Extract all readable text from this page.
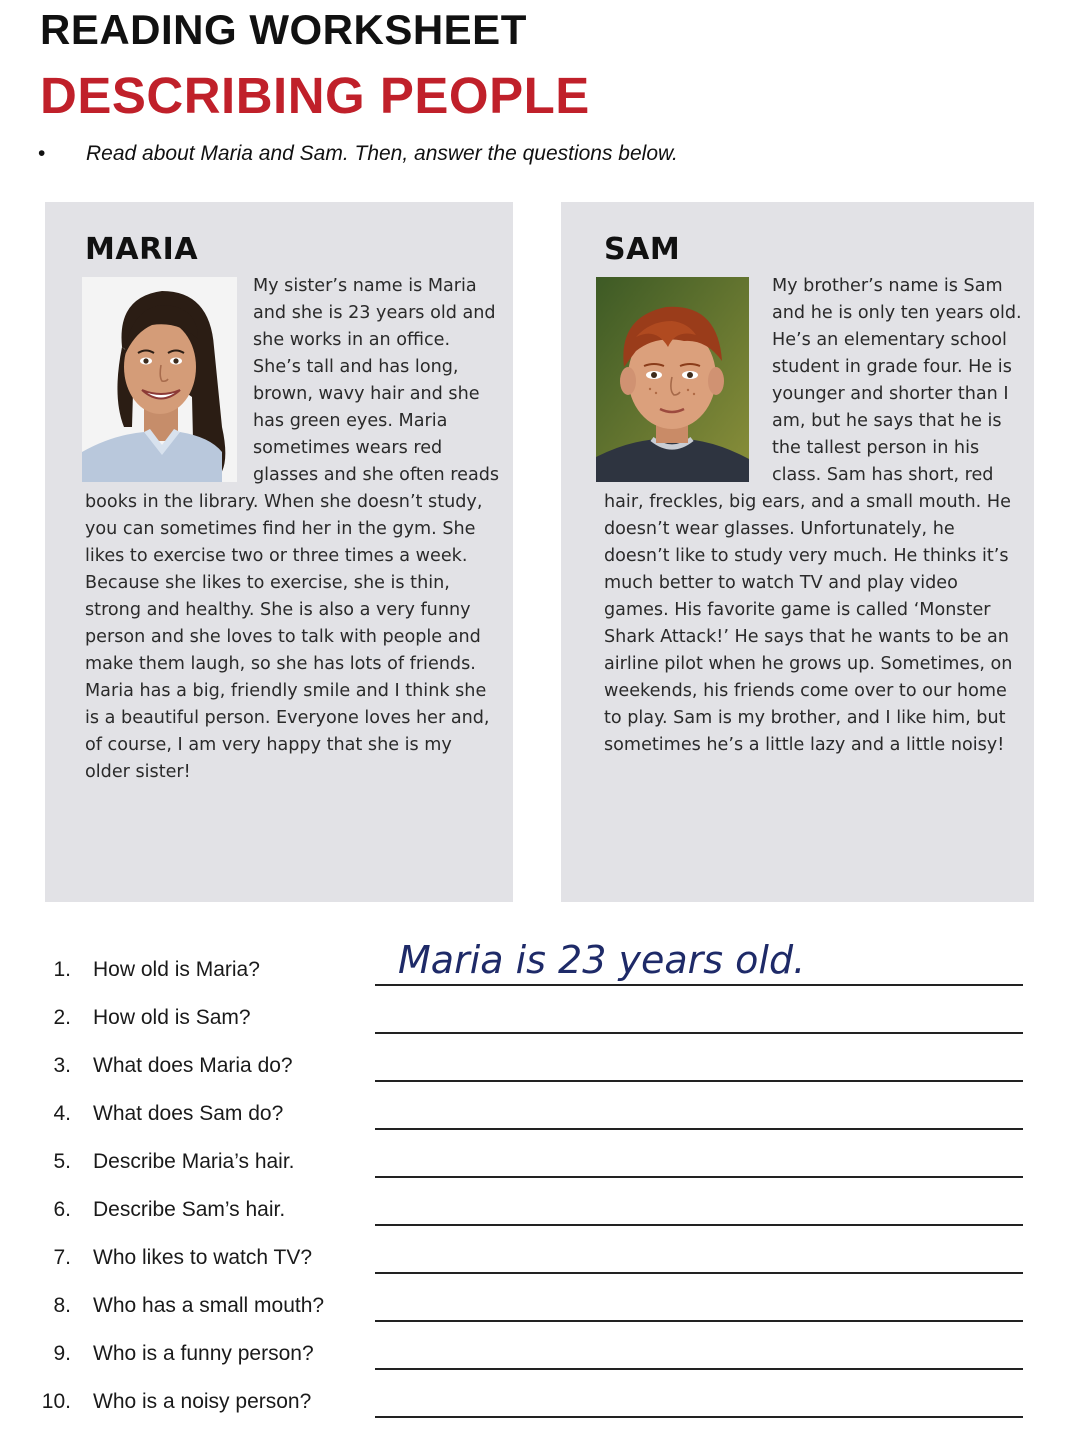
READING WORKSHEET
DESCRIBING PEOPLE
• Read about Maria and Sam. Then, answer the questions below.
MARIA

My sister’s name is Maria and she is 23 years old and she works in an office. She’s tall and has long, brown, wavy hair and she has green eyes. Maria sometimes wears red glasses and she often reads books in the library. When she doesn’t study, you can sometimes find her in the gym. She likes to exercise two or three times a week. Because she likes to exercise, she is thin, strong and healthy. She is also a very funny person and she loves to talk with people and make them laugh, so she has lots of friends. Maria has a big, friendly smile and I think she is a beautiful person. Everyone loves her and, of course, I am very happy that she is my older sister!

SAM

My brother’s name is Sam and he is only ten years old. He’s an elementary school student in grade four. He is younger and shorter than I am, but he says that he is the tallest person in his class. Sam has short, red hair, freckles, big ears, and a small mouth. He doesn’t wear glasses. Unfortunately, he doesn’t like to study very much. He thinks it’s much better to watch TV and play video games. His favorite game is called ‘Monster Shark Attack!’ He says that he wants to be an airline pilot when he grows up. Sometimes, on weekends, his friends come over to our home to play. Sam is my brother, and I like him, but sometimes he’s a little lazy and a little noisy!

1. How old is Maria?	Maria is 23 years old.
2. How old is Sam?
3. What does Maria do?
4. What does Sam do?
5. Describe Maria’s hair.
6. Describe Sam’s hair.
7. Who likes to watch TV?
8. Who has a small mouth?
9. Who is a funny person?
10. Who is a noisy person?
